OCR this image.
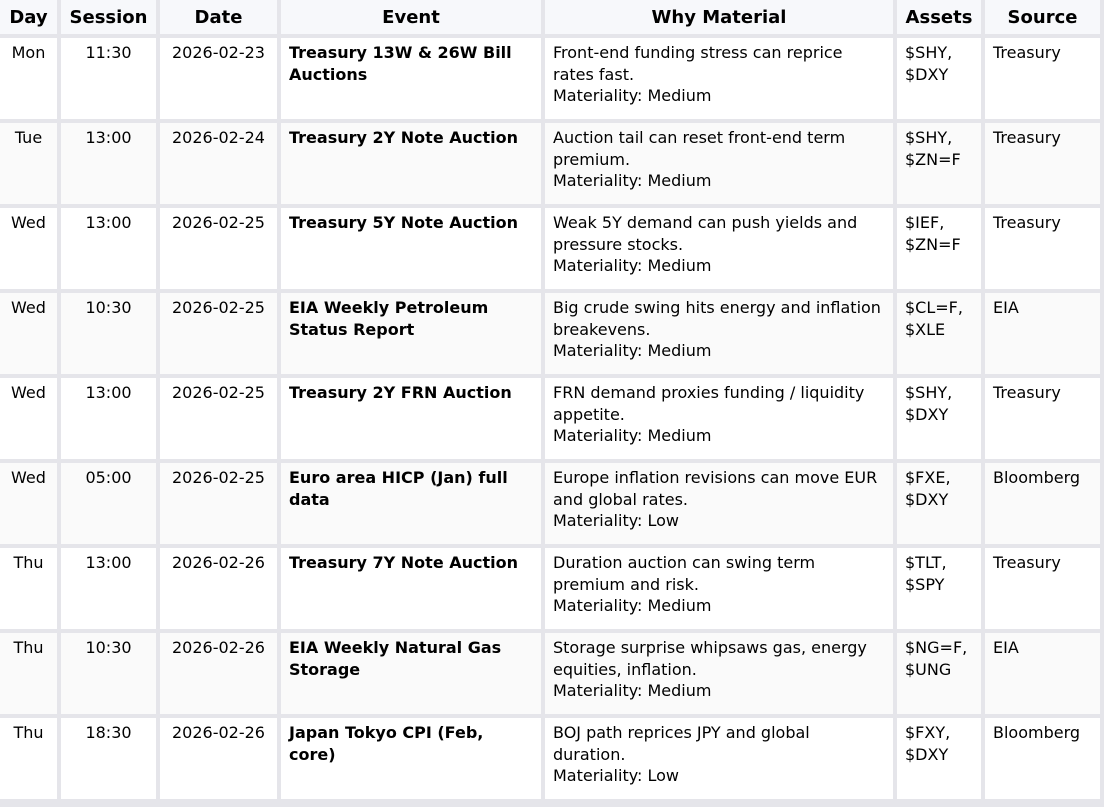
Day	Session	Date	Event	Why Material	Assets	Source
Mon	11:30	2026-02-23	Treasury 13W & 26W Bill Auctions	Front-end funding stress can reprice rates fast.
Materiality: Medium	$SHY, $DXY	Treasury
Tue	13:00	2026-02-24	Treasury 2Y Note Auction	Auction tail can reset front-end term premium.
Materiality: Medium	$SHY, $ZN=F	Treasury
Wed	13:00	2026-02-25	Treasury 5Y Note Auction	Weak 5Y demand can push yields and pressure stocks.
Materiality: Medium	$IEF, $ZN=F	Treasury
Wed	10:30	2026-02-25	EIA Weekly Petroleum Status Report	Big crude swing hits energy and inflation breakevens.
Materiality: Medium	$CL=F, $XLE	EIA
Wed	13:00	2026-02-25	Treasury 2Y FRN Auction	FRN demand proxies funding / liquidity appetite.
Materiality: Medium	$SHY, $DXY	Treasury
Wed	05:00	2026-02-25	Euro area HICP (Jan) full data	Europe inflation revisions can move EUR and global rates.
Materiality: Low	$FXE, $DXY	Bloomberg
Thu	13:00	2026-02-26	Treasury 7Y Note Auction	Duration auction can swing term premium and risk.
Materiality: Medium	$TLT, $SPY	Treasury
Thu	10:30	2026-02-26	EIA Weekly Natural Gas Storage	Storage surprise whipsaws gas, energy equities, inflation.
Materiality: Medium	$NG=F, $UNG	EIA
Thu	18:30	2026-02-26	Japan Tokyo CPI (Feb, core)	BOJ path reprices JPY and global duration.
Materiality: Low	$FXY, $DXY	Bloomberg
